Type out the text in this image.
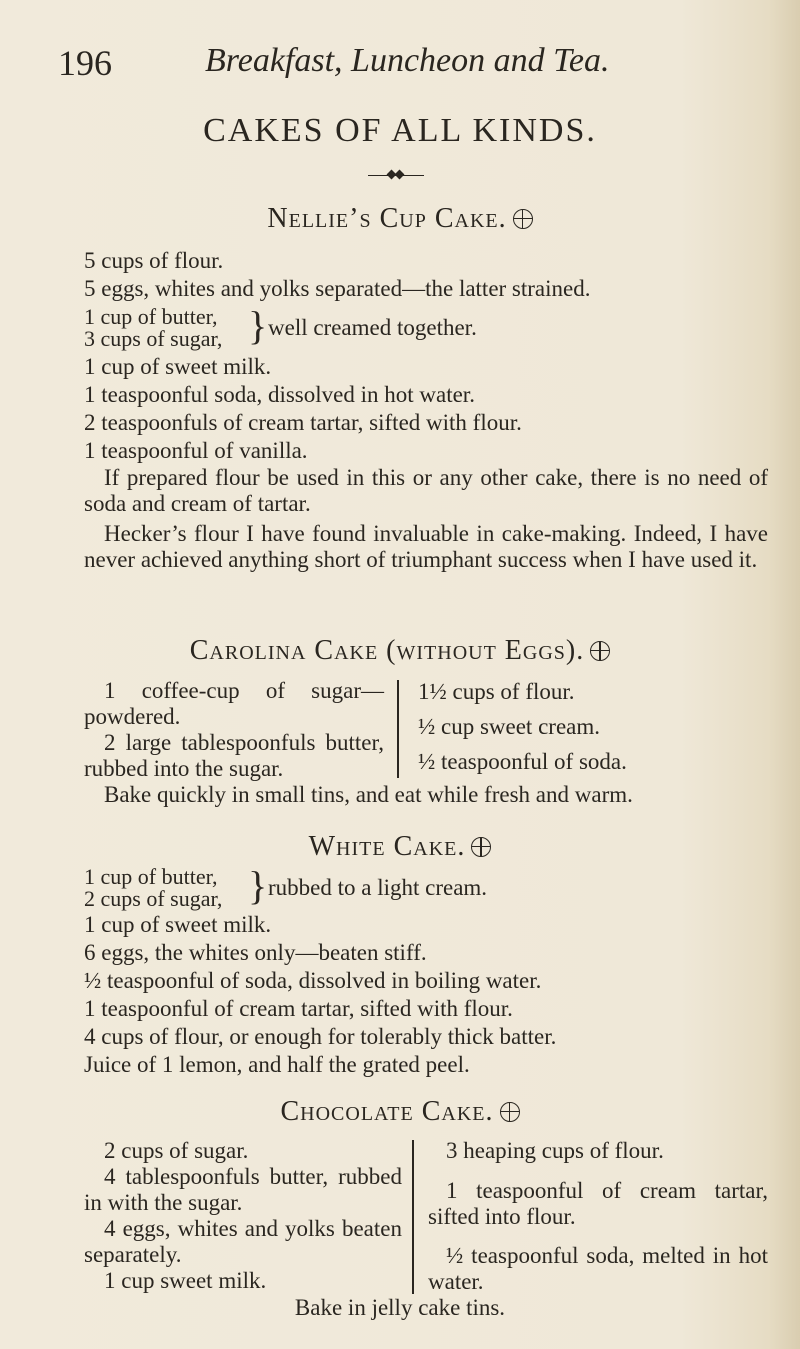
196	Breakfast, Luncheon and Tea.
CAKES OF ALL KINDS.
Nellie’s Cup Cake.
5 cups of flour.
5 eggs, whites and yolks separated—the latter strained.
1 cup of butter,
3 cups of sugar, } well creamed together.
1 cup of sweet milk.
1 teaspoonful soda, dissolved in hot water.
2 teaspoonfuls of cream tartar, sifted with flour.
1 teaspoonful of vanilla.
If prepared flour be used in this or any other cake, there is no need of soda and cream of tartar.
Hecker’s flour I have found invaluable in cake-making. Indeed, I have never achieved anything short of triumphant success when I have used it.
Carolina Cake (without Eggs).
1 coffee-cup of sugar—powdered.
2 large tablespoonfuls butter, rubbed into the sugar.
1½ cups of flour.
½ cup sweet cream.
½ teaspoonful of soda.
Bake quickly in small tins, and eat while fresh and warm.
White Cake.
1 cup of butter,
2 cups of sugar, } rubbed to a light cream.
1 cup of sweet milk.
6 eggs, the whites only—beaten stiff.
½ teaspoonful of soda, dissolved in boiling water.
1 teaspoonful of cream tartar, sifted with flour.
4 cups of flour, or enough for tolerably thick batter.
Juice of 1 lemon, and half the grated peel.
Chocolate Cake.
2 cups of sugar.
4 tablespoonfuls butter, rubbed in with the sugar.
4 eggs, whites and yolks beaten separately.
1 cup sweet milk.
3 heaping cups of flour.
1 teaspoonful of cream tartar, sifted into flour.
½ teaspoonful soda, melted in hot water.
Bake in jelly cake tins.
